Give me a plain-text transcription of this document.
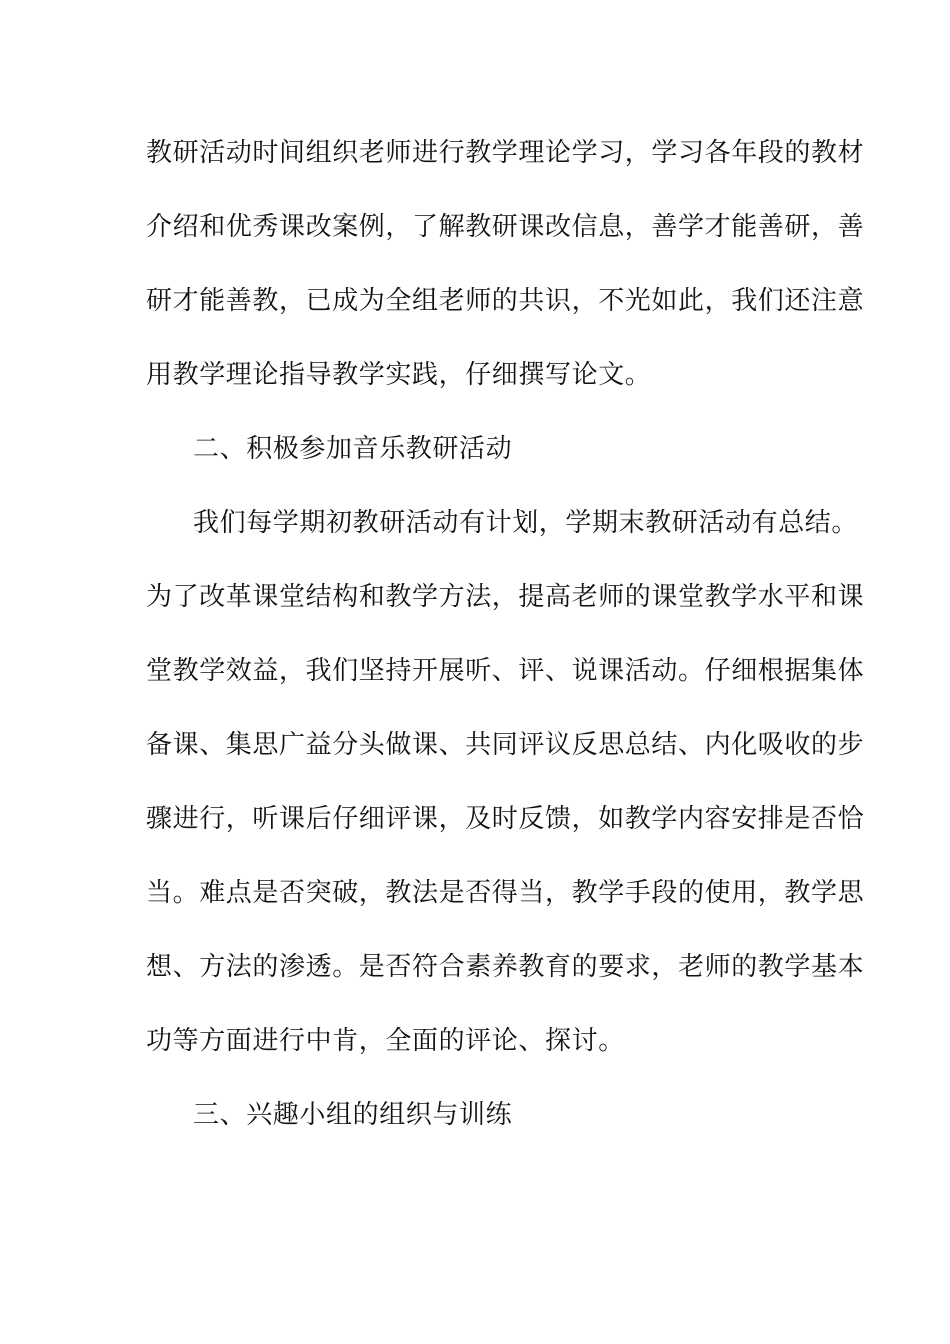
教研活动时间组织老师进行教学理论学习，学习各年段的教材

介绍和优秀课改案例，了解教研课改信息，善学才能善研，善

研才能善教，已成为全组老师的共识，不光如此，我们还注意

用教学理论指导教学实践，仔细撰写论文。

二、积极参加音乐教研活动

我们每学期初教研活动有计划，学期末教研活动有总结。

为了改革课堂结构和教学方法，提高老师的课堂教学水平和课

堂教学效益，我们坚持开展听、评、说课活动。仔细根据集体

备课、集思广益分头做课、共同评议反思总结、内化吸收的步

骤进行，听课后仔细评课，及时反馈，如教学内容安排是否恰

当。难点是否突破，教法是否得当，教学手段的使用，教学思

想、方法的渗透。是否符合素养教育的要求，老师的教学基本

功等方面进行中肯，全面的评论、探讨。

三、兴趣小组的组织与训练
